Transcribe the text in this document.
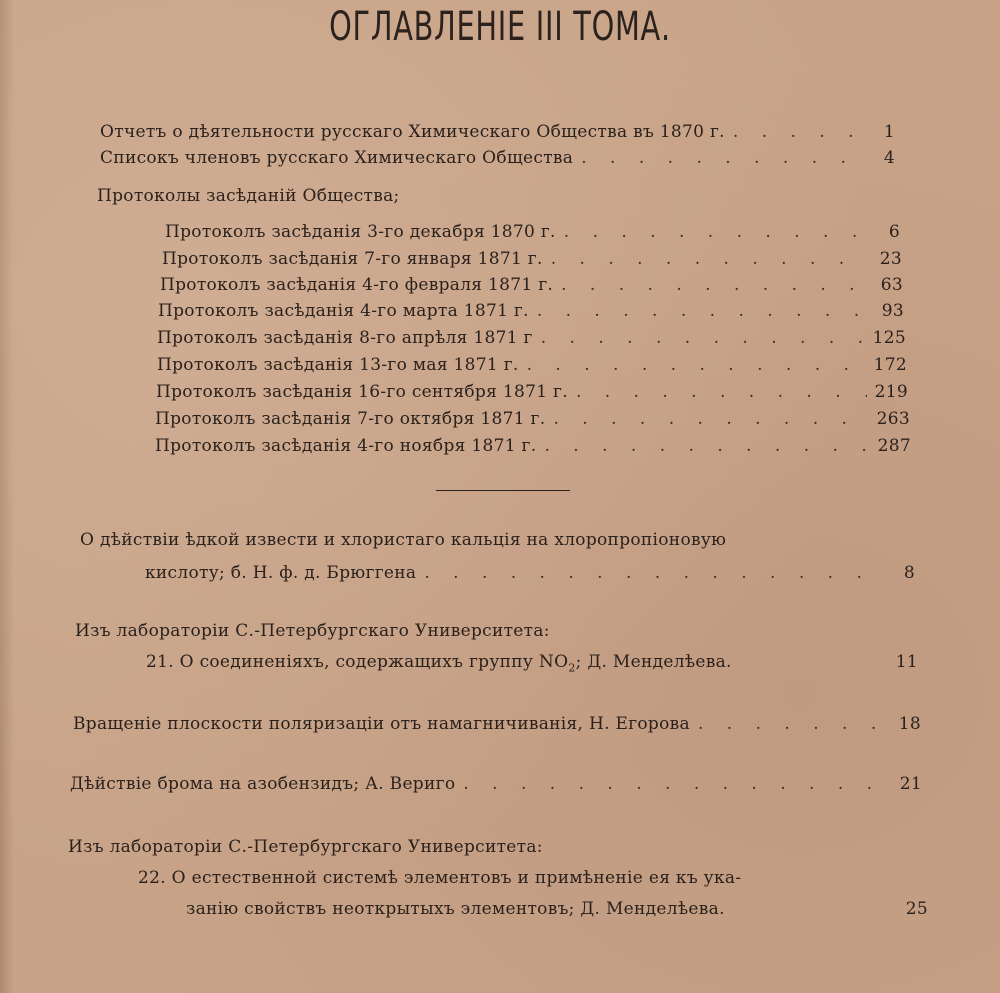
ОГЛАВЛЕНІЕ III ТОМА.
Отчетъ о дѣятельности русскаго Химическаго Общества въ 1870 г. . . .	1
Списокъ членовъ русскаго Химическаго Общества . . .	4
Протоколы засѣданій Общества;
Протоколъ засѣданія 3-го декабря 1870 г. . . .	6
Протоколъ засѣданія 7-го января 1871 г. . . .	23
Протоколъ засѣданія 4-го февраля 1871 г. . . .	63
Протоколъ засѣданія 4-го марта 1871 г. . . .	93
Протоколъ засѣданія 8-го апрѣля 1871 г . . .	125
Протоколъ засѣданія 13-го мая 1871 г. . . .	172
Протоколъ засѣданія 16-го сентября 1871 г. . . .	219
Протоколъ засѣданія 7-го октября 1871 г. . . .	263
Протоколъ засѣданія 4-го ноября 1871 г. . . .	287
О дѣйствіи ѣдкой извести и хлористаго кальція на хлоропропіоновую
кислоту; б. Н. ф. д. Брюггена . . .	8
Изъ лабораторіи С.-Петербургскаго Университета:
21. О соединеніяхъ, содержащихъ группу $NO_2$; Д. Менделѣева.	11
Вращеніе плоскости поляризаціи отъ намагничиванія, Н. Егорова . . .	18
Дѣйствіе брома на азобензидъ; А. Вериго . . .	21
Изъ лабораторіи С.-Петербургскаго Университета:
22. О естественной системѣ элементовъ и примѣненіе ея къ ука-
занію свойствъ неоткрытыхъ элементовъ; Д. Менделѣева.	25
